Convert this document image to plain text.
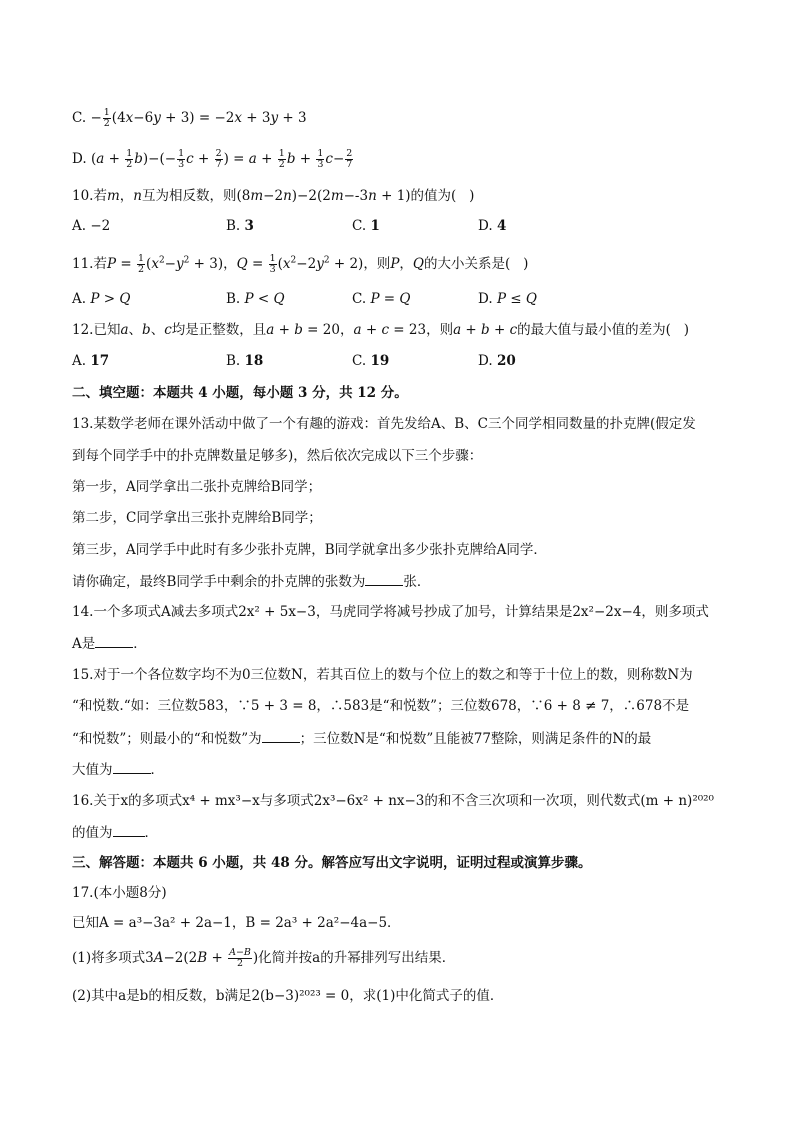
C. − $\frac{1}{2} (4x-6y + 3) = -2x + 3y + 3$
D. $(a + \frac{1}{2} b)-(- \frac{1}{3}$ $c + \frac{2}{7}$ ) = $a + \frac{1}{2}$ $b + \frac{1}{3} c- \frac{2}{7}$
10.若m，n互为相反数，则(8m−2n)−2(2m−-3n + 1)的值为(   )
A. −2	B. 3	C. 1	D. 4
11.若$P = \frac{1}{2} (x^2-y^2 + 3)$，$Q = \frac{1}{3} (x^2-2y^2 + 2)$，则P，Q的大小关系是(   )
A. P > Q	B. P < Q	C. P = Q	D. P ≤ Q
12.已知a、b、c均是正整数，且a + b = 20，a + c = 23，则a + b + c的最大值与最小值的差为(   )
A. 17	B. 18	C. 19	D. 20
二、填空题：本题共 4 小题，每小题 3 分，共 12 分。
13.某数学老师在课外活动中做了一个有趣的游戏：首先发给A、B、C三个同学相同数量的扑克牌(假定发
到每个同学手中的扑克牌数量足够多)，然后依次完成以下三个步骤：
第一步，A同学拿出二张扑克牌给B同学；
第二步，C同学拿出三张扑克牌给B同学；
第三步，A同学手中此时有多少张扑克牌，B同学就拿出多少张扑克牌给A同学．
请你确定，最终B同学手中剩余的扑克牌的张数为	张．
14.一个多项式A减去多项式2x² + 5x−3，马虎同学将减号抄成了加号，计算结果是2x²−2x−4，则多项式
A是	．
15.对于一个各位数字均不为0三位数N，若其百位上的数与个位上的数之和等于十位上的数，则称数N为
“和悦数.“如：三位数583，∵5 + 3 = 8，∴583是“和悦数”；三位数678，∵6 + 8 ≠ 7，∴678不是
“和悦数”；则最小的“和悦数”为	；三位数N是“和悦数”且能被77整除，则满足条件的N的最
大值为	．
16.关于x的多项式x⁴ + mx³−x与多项式2x³−6x² + nx−3的和不含三次项和一次项，则代数式(m + n)²⁰²⁰
的值为 ．
三、解答题：本题共 6 小题，共 48 分。解答应写出文字说明，证明过程或演算步骤。
17.(本小题8分)
已知A = a³−3a² + 2a−1，B = 2a³ + 2a²−4a−5．
(1)将多项式$3A-2(2B + \frac{A-B}{2}$ )化简并按a的升幂排列写出结果．
(2)其中a是b的相反数，b满足2(b−3)²⁰²³ = 0，求(1)中化简式子的值．
